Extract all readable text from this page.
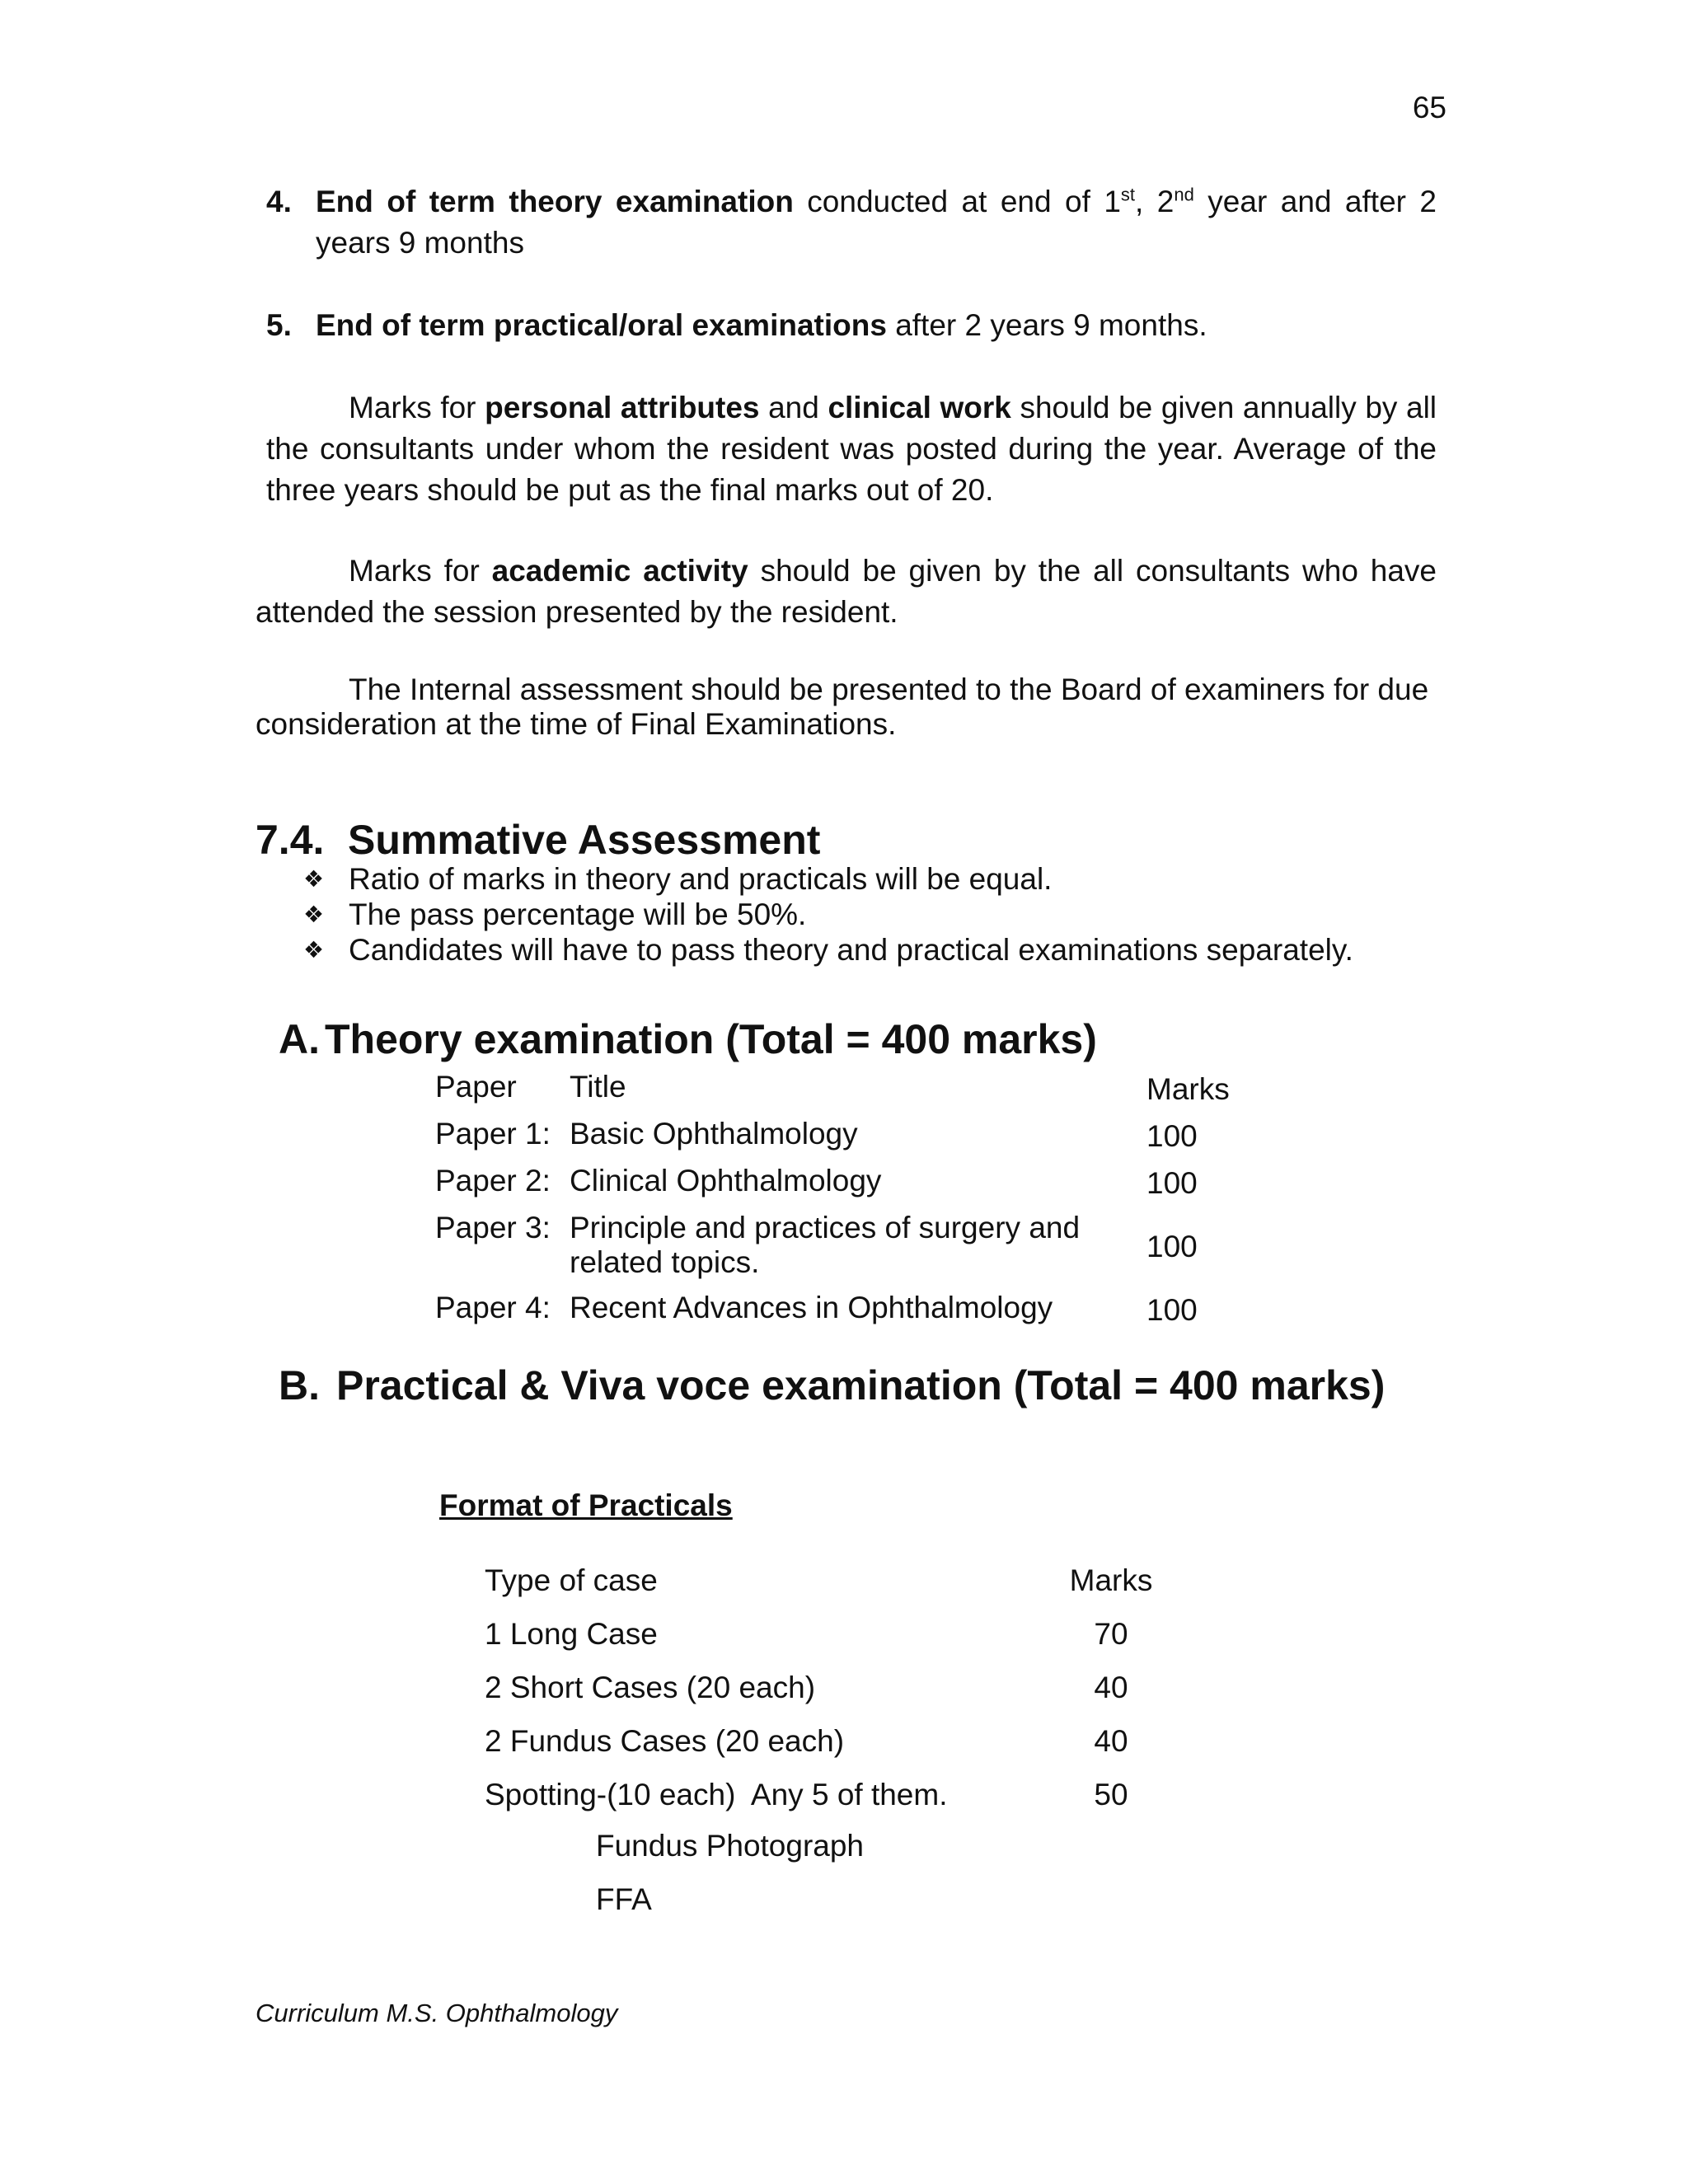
65
4. End of term theory examination conducted at end of 1st, 2nd year and after 2 years 9 months
5. End of term practical/oral examinations after 2 years 9 months.
Marks for personal attributes and clinical work should be given annually by all the consultants under whom the resident was posted during the year. Average of the three years should be put as the final marks out of 20.
Marks for academic activity should be given by the all consultants who have attended the session presented by the resident.
The Internal assessment should be presented to the Board of examiners for due consideration at the time of Final Examinations.
7.4. Summative Assessment
❖ Ratio of marks in theory and practicals will be equal.
❖ The pass percentage will be 50%.
❖ Candidates will have to pass theory and practical examinations separately.
A. Theory examination (Total = 400 marks)
Paper	Title	Marks
Paper 1:	Basic Ophthalmology	100
Paper 2:	Clinical Ophthalmology	100
Paper 3:	Principle and practices of surgery and related topics.	100
Paper 4:	Recent Advances in Ophthalmology	100
B. Practical & Viva voce examination (Total = 400 marks)
Format of Practicals
Type of case	Marks
1 Long Case	70
2 Short Cases (20 each)	40
2 Fundus Cases (20 each)	40
Spotting-(10 each)  Any 5 of them.	50
Fundus Photograph
FFA
Curriculum M.S. Ophthalmology
